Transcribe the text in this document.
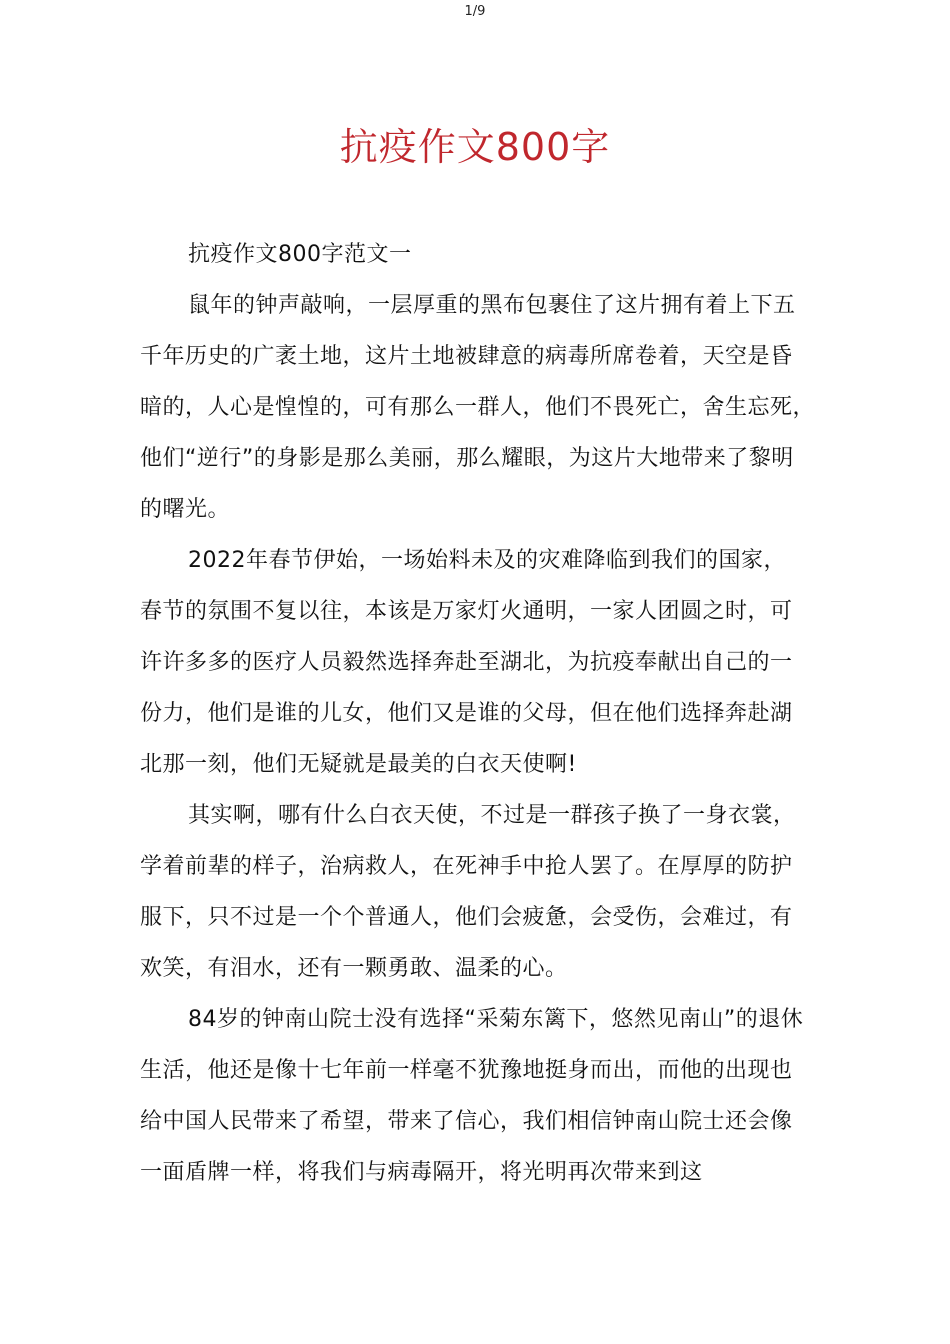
1/9
抗疫作文800字
抗疫作文800字范文一
鼠年的钟声敲响，一层厚重的黑布包裹住了这片拥有着上下五
千年历史的广袤土地，这片土地被肆意的病毒所席卷着，天空是昏
暗的，人心是惶惶的，可有那么一群人，他们不畏死亡，舍生忘死，
他们“逆行”的身影是那么美丽，那么耀眼，为这片大地带来了黎明
的曙光。
2022年春节伊始，一场始料未及的灾难降临到我们的国家，
春节的氛围不复以往，本该是万家灯火通明，一家人团圆之时，可
许许多多的医疗人员毅然选择奔赴至湖北，为抗疫奉献出自己的一
份力，他们是谁的儿女，他们又是谁的父母，但在他们选择奔赴湖
北那一刻，他们无疑就是最美的白衣天使啊!
其实啊，哪有什么白衣天使，不过是一群孩子换了一身衣裳，
学着前辈的样子，治病救人，在死神手中抢人罢了。在厚厚的防护
服下，只不过是一个个普通人，他们会疲惫，会受伤，会难过，有
欢笑，有泪水，还有一颗勇敢、温柔的心。
84岁的钟南山院士没有选择“采菊东篱下，悠然见南山”的退休
生活，他还是像十七年前一样毫不犹豫地挺身而出，而他的出现也
给中国人民带来了希望，带来了信心，我们相信钟南山院士还会像
一面盾牌一样，将我们与病毒隔开，将光明再次带来到这
